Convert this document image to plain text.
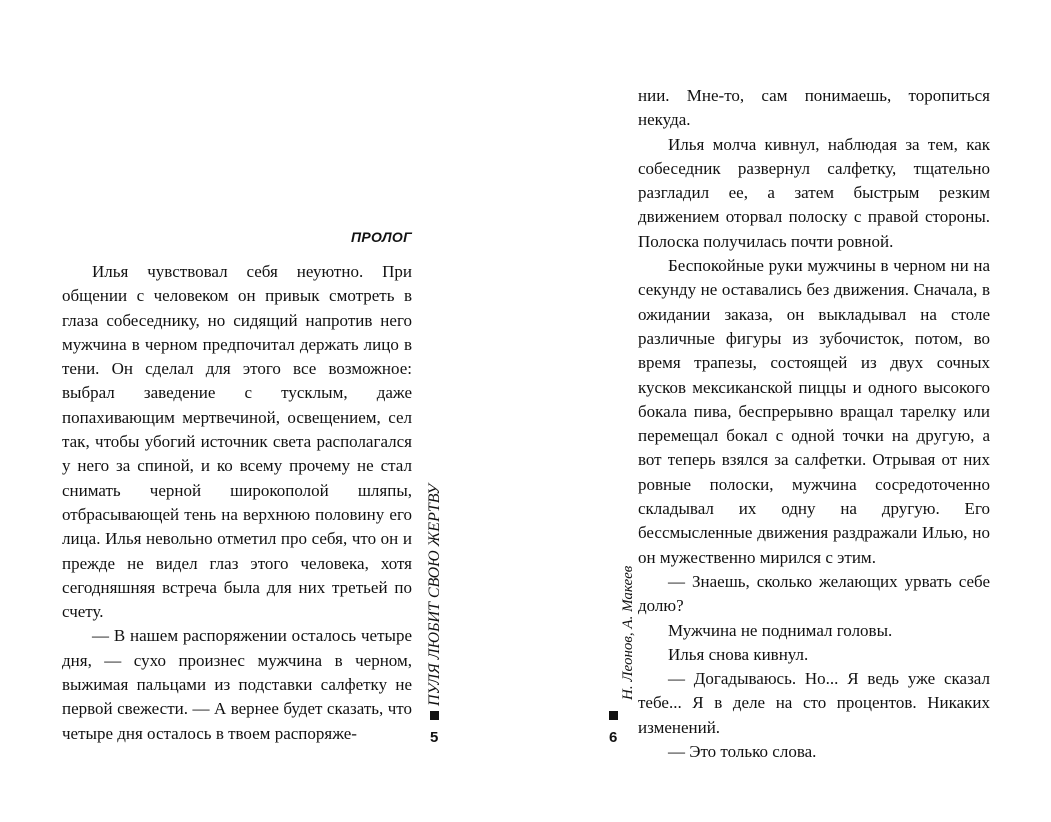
ПРОЛОГ

Илья чувствовал себя неуютно. При общении с человеком он привык смотреть в глаза собеседнику, но сидящий напротив него мужчина в черном предпочитал держать лицо в тени. Он сделал для этого все возможное: выбрал заведение с тусклым, даже попахивающим мертвечиной, освещением, сел так, чтобы убогий источник света располагался у него за спиной, и ко всему прочему не стал снимать черной широкополой шляпы, отбрасывающей тень на верхнюю половину его лица. Илья невольно отметил про себя, что он и прежде не видел глаз этого человека, хотя сегодняшняя встреча была для них третьей по счету.

— В нашем распоряжении осталось четыре дня, — сухо произнес мужчина в черном, выжимая пальцами из подставки салфетку не первой свежести. — А вернее будет сказать, что четыре дня осталось в твоем распоряже-

ПУЛЯ ЛЮБИТ СВОЮ ЖЕРТВУ
5

нии. Мне-то, сам понимаешь, торопиться некуда.

Илья молча кивнул, наблюдая за тем, как собеседник развернул салфетку, тщательно разгладил ее, а затем быстрым резким движением оторвал полоску с правой стороны. Полоска получилась почти ровной.

Беспокойные руки мужчины в черном ни на секунду не оставались без движения. Сначала, в ожидании заказа, он выкладывал на столе различные фигуры из зубочисток, потом, во время трапезы, состоящей из двух сочных кусков мексиканской пиццы и одного высокого бокала пива, беспрерывно вращал тарелку или перемещал бокал с одной точки на другую, а вот теперь взялся за салфетки. Отрывая от них ровные полоски, мужчина сосредоточенно складывал их одну на другую. Его бессмысленные движения раздражали Илью, но он мужественно мирился с этим.

— Знаешь, сколько желающих урвать себе долю?

Мужчина не поднимал головы.

Илья снова кивнул.

— Догадываюсь. Но... Я ведь уже сказал тебе... Я в деле на сто процентов. Никаких изменений.

— Это только слова.

Н. Леонов, А. Макеев
6
